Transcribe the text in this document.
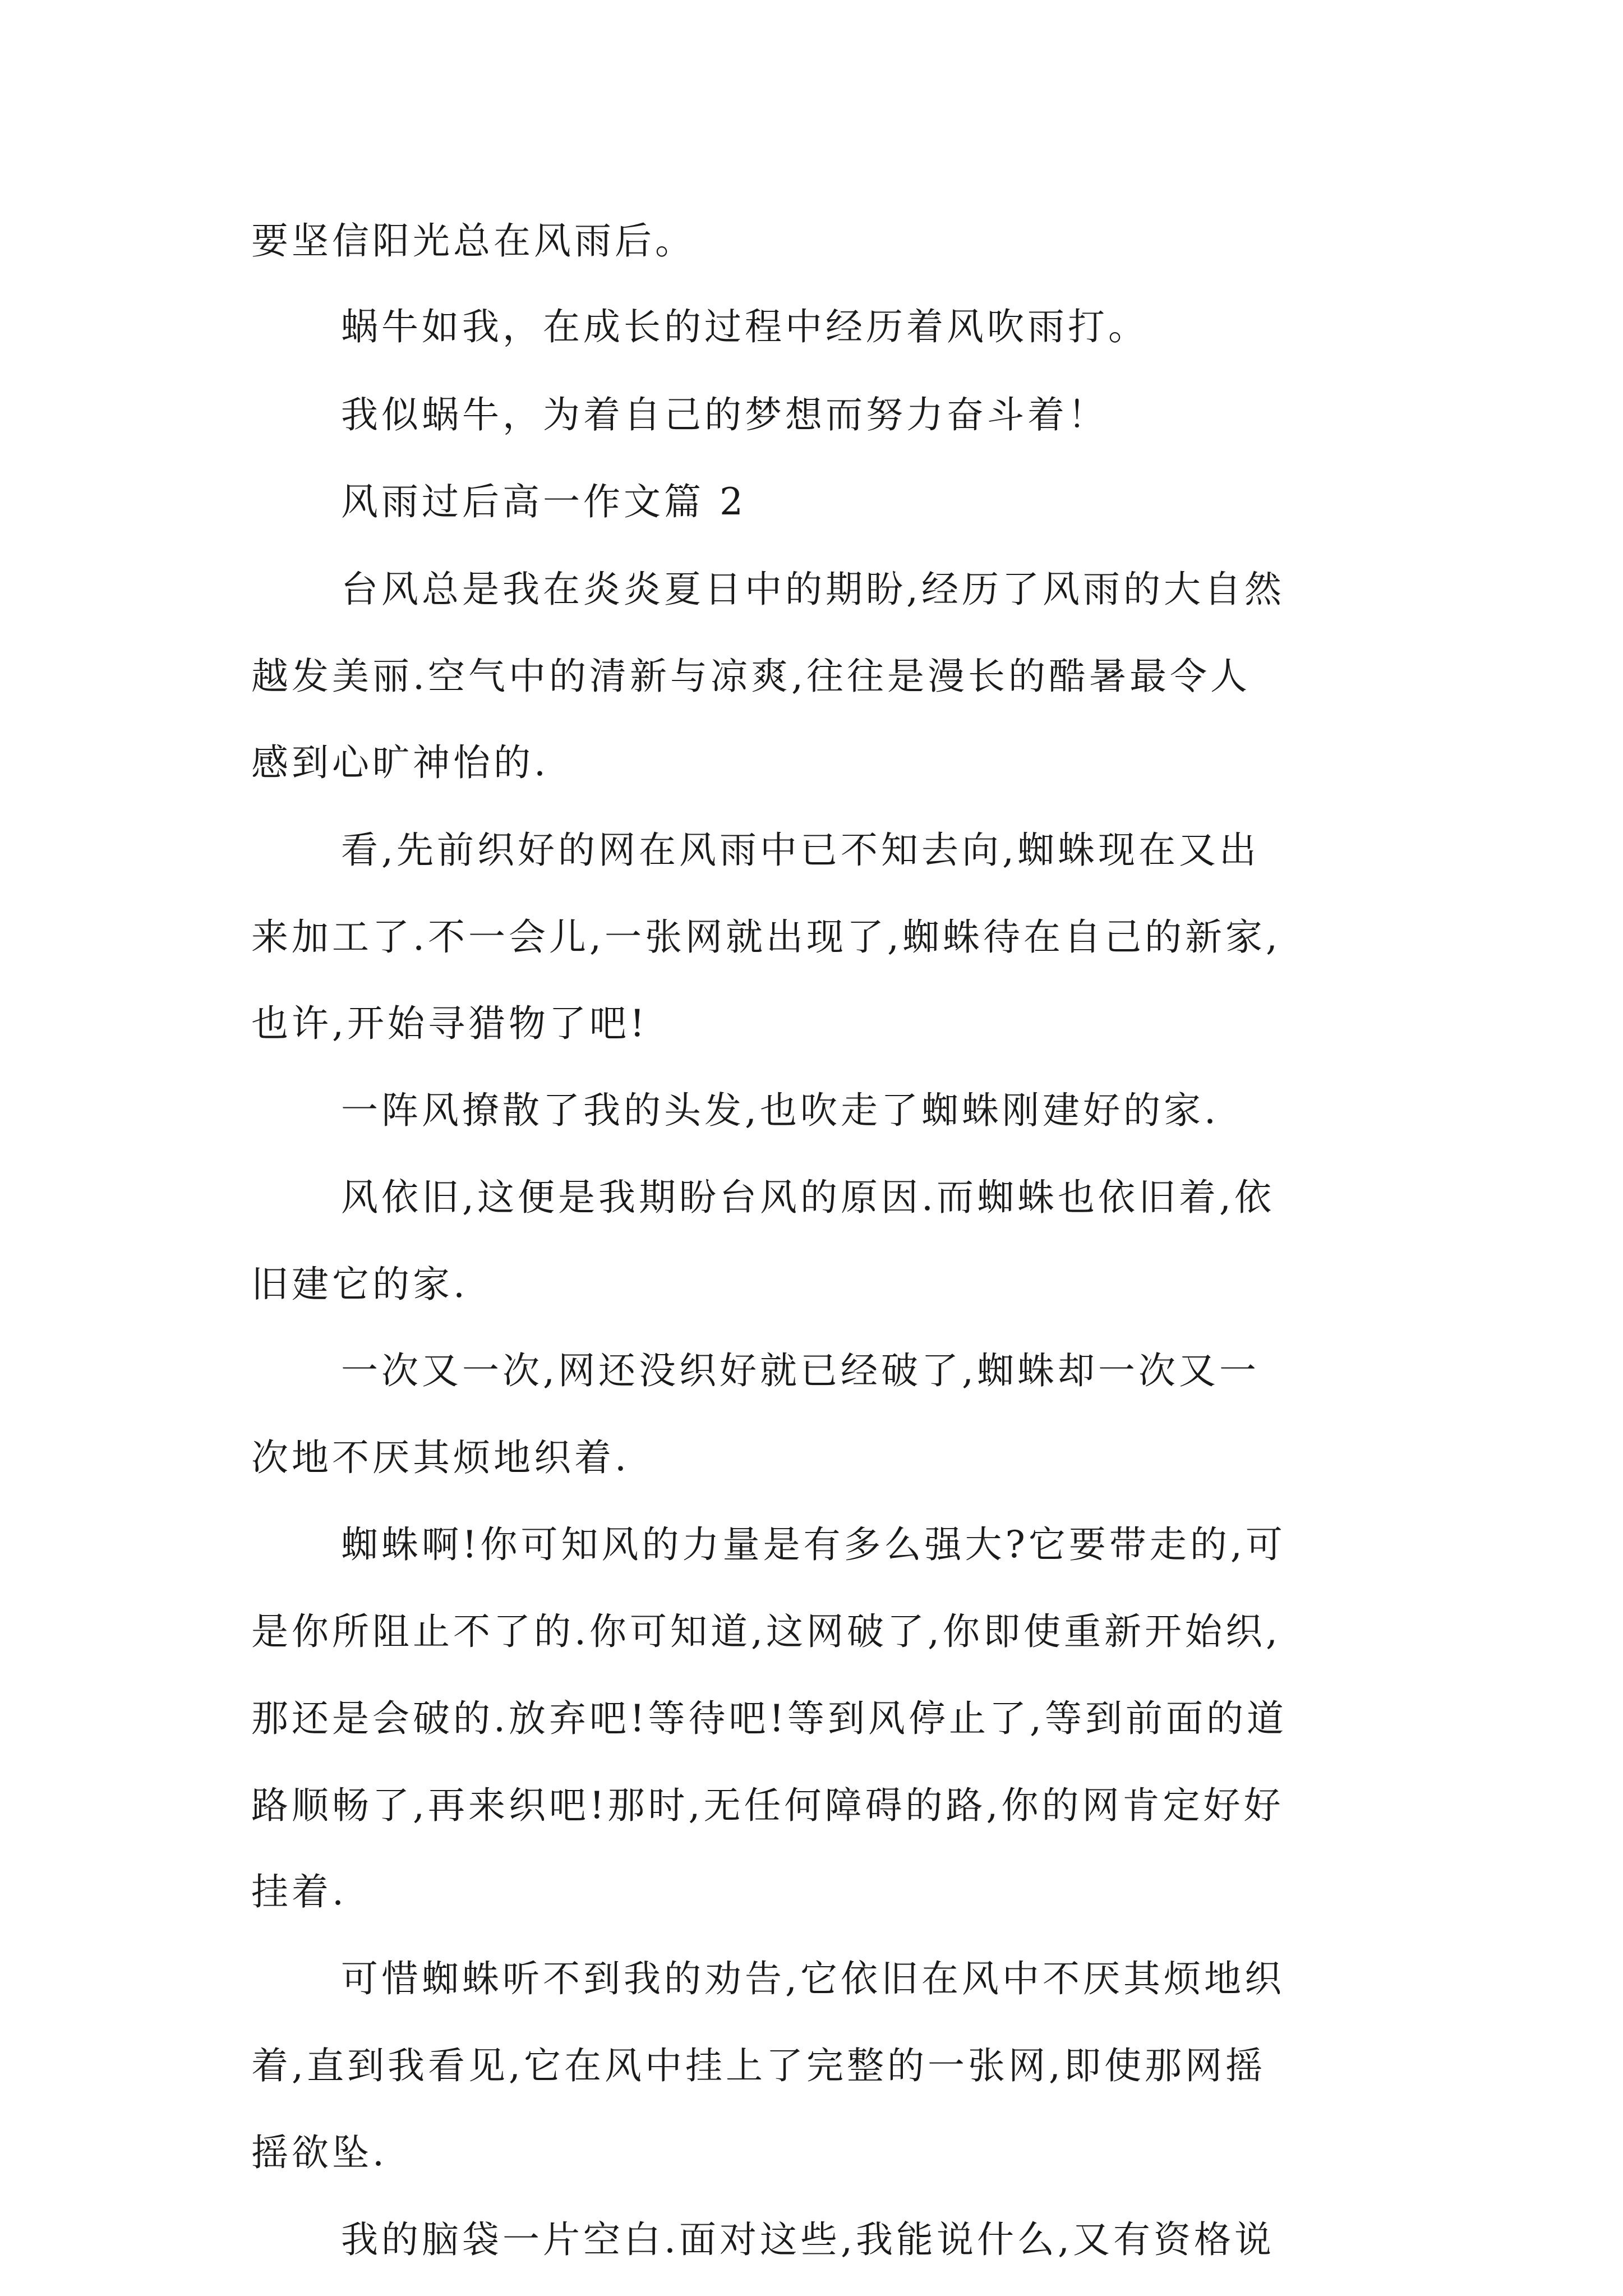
要坚信阳光总在风雨后。

蜗牛如我，在成长的过程中经历着风吹雨打。

我似蜗牛，为着自己的梦想而努力奋斗着！

风雨过后高一作文篇 2

台风总是我在炎炎夏日中的期盼,经历了风雨的大自然

越发美丽.空气中的清新与凉爽,往往是漫长的酷暑最令人

感到心旷神怡的.

看,先前织好的网在风雨中已不知去向,蜘蛛现在又出

来加工了.不一会儿,一张网就出现了,蜘蛛待在自己的新家,

也许,开始寻猎物了吧!

一阵风撩散了我的头发,也吹走了蜘蛛刚建好的家.

风依旧,这便是我期盼台风的原因.而蜘蛛也依旧着,依

旧建它的家.

一次又一次,网还没织好就已经破了,蜘蛛却一次又一

次地不厌其烦地织着.

蜘蛛啊!你可知风的力量是有多么强大?它要带走的,可

是你所阻止不了的.你可知道,这网破了,你即使重新开始织,

那还是会破的.放弃吧!等待吧!等到风停止了,等到前面的道

路顺畅了,再来织吧!那时,无任何障碍的路,你的网肯定好好

挂着.

可惜蜘蛛听不到我的劝告,它依旧在风中不厌其烦地织

着,直到我看见,它在风中挂上了完整的一张网,即使那网摇

摇欲坠.

我的脑袋一片空白.面对这些,我能说什么,又有资格说
